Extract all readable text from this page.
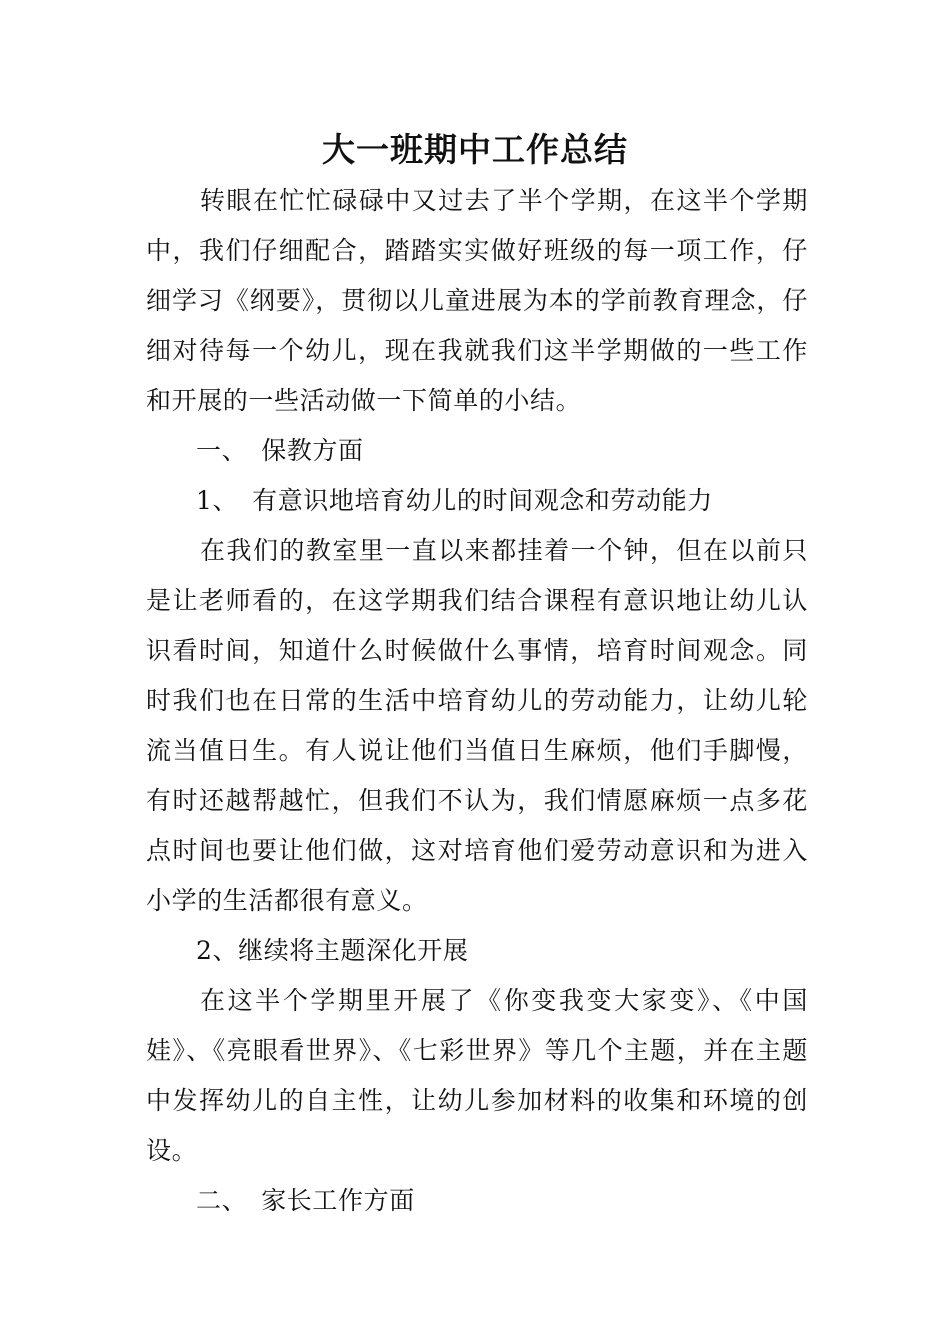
大一班期中工作总结

转眼在忙忙碌碌中又过去了半个学期，在这半个学期中，我们仔细配合，踏踏实实做好班级的每一项工作，仔细学习《纲要》，贯彻以儿童进展为本的学前教育理念，仔细对待每一个幼儿，现在我就我们这半学期做的一些工作和开展的一些活动做一下简单的小结。

一、 保教方面

1、 有意识地培育幼儿的时间观念和劳动能力

在我们的教室里一直以来都挂着一个钟，但在以前只是让老师看的，在这学期我们结合课程有意识地让幼儿认识看时间，知道什么时候做什么事情，培育时间观念。同时我们也在日常的生活中培育幼儿的劳动能力，让幼儿轮流当值日生。有人说让他们当值日生麻烦，他们手脚慢，有时还越帮越忙，但我们不认为，我们情愿麻烦一点多花点时间也要让他们做，这对培育他们爱劳动意识和为进入小学的生活都很有意义。

2、继续将主题深化开展

在这半个学期里开展了《你变我变大家变》、《中国娃》、《亮眼看世界》、《七彩世界》等几个主题，并在主题中发挥幼儿的自主性，让幼儿参加材料的收集和环境的创设。

二、 家长工作方面
